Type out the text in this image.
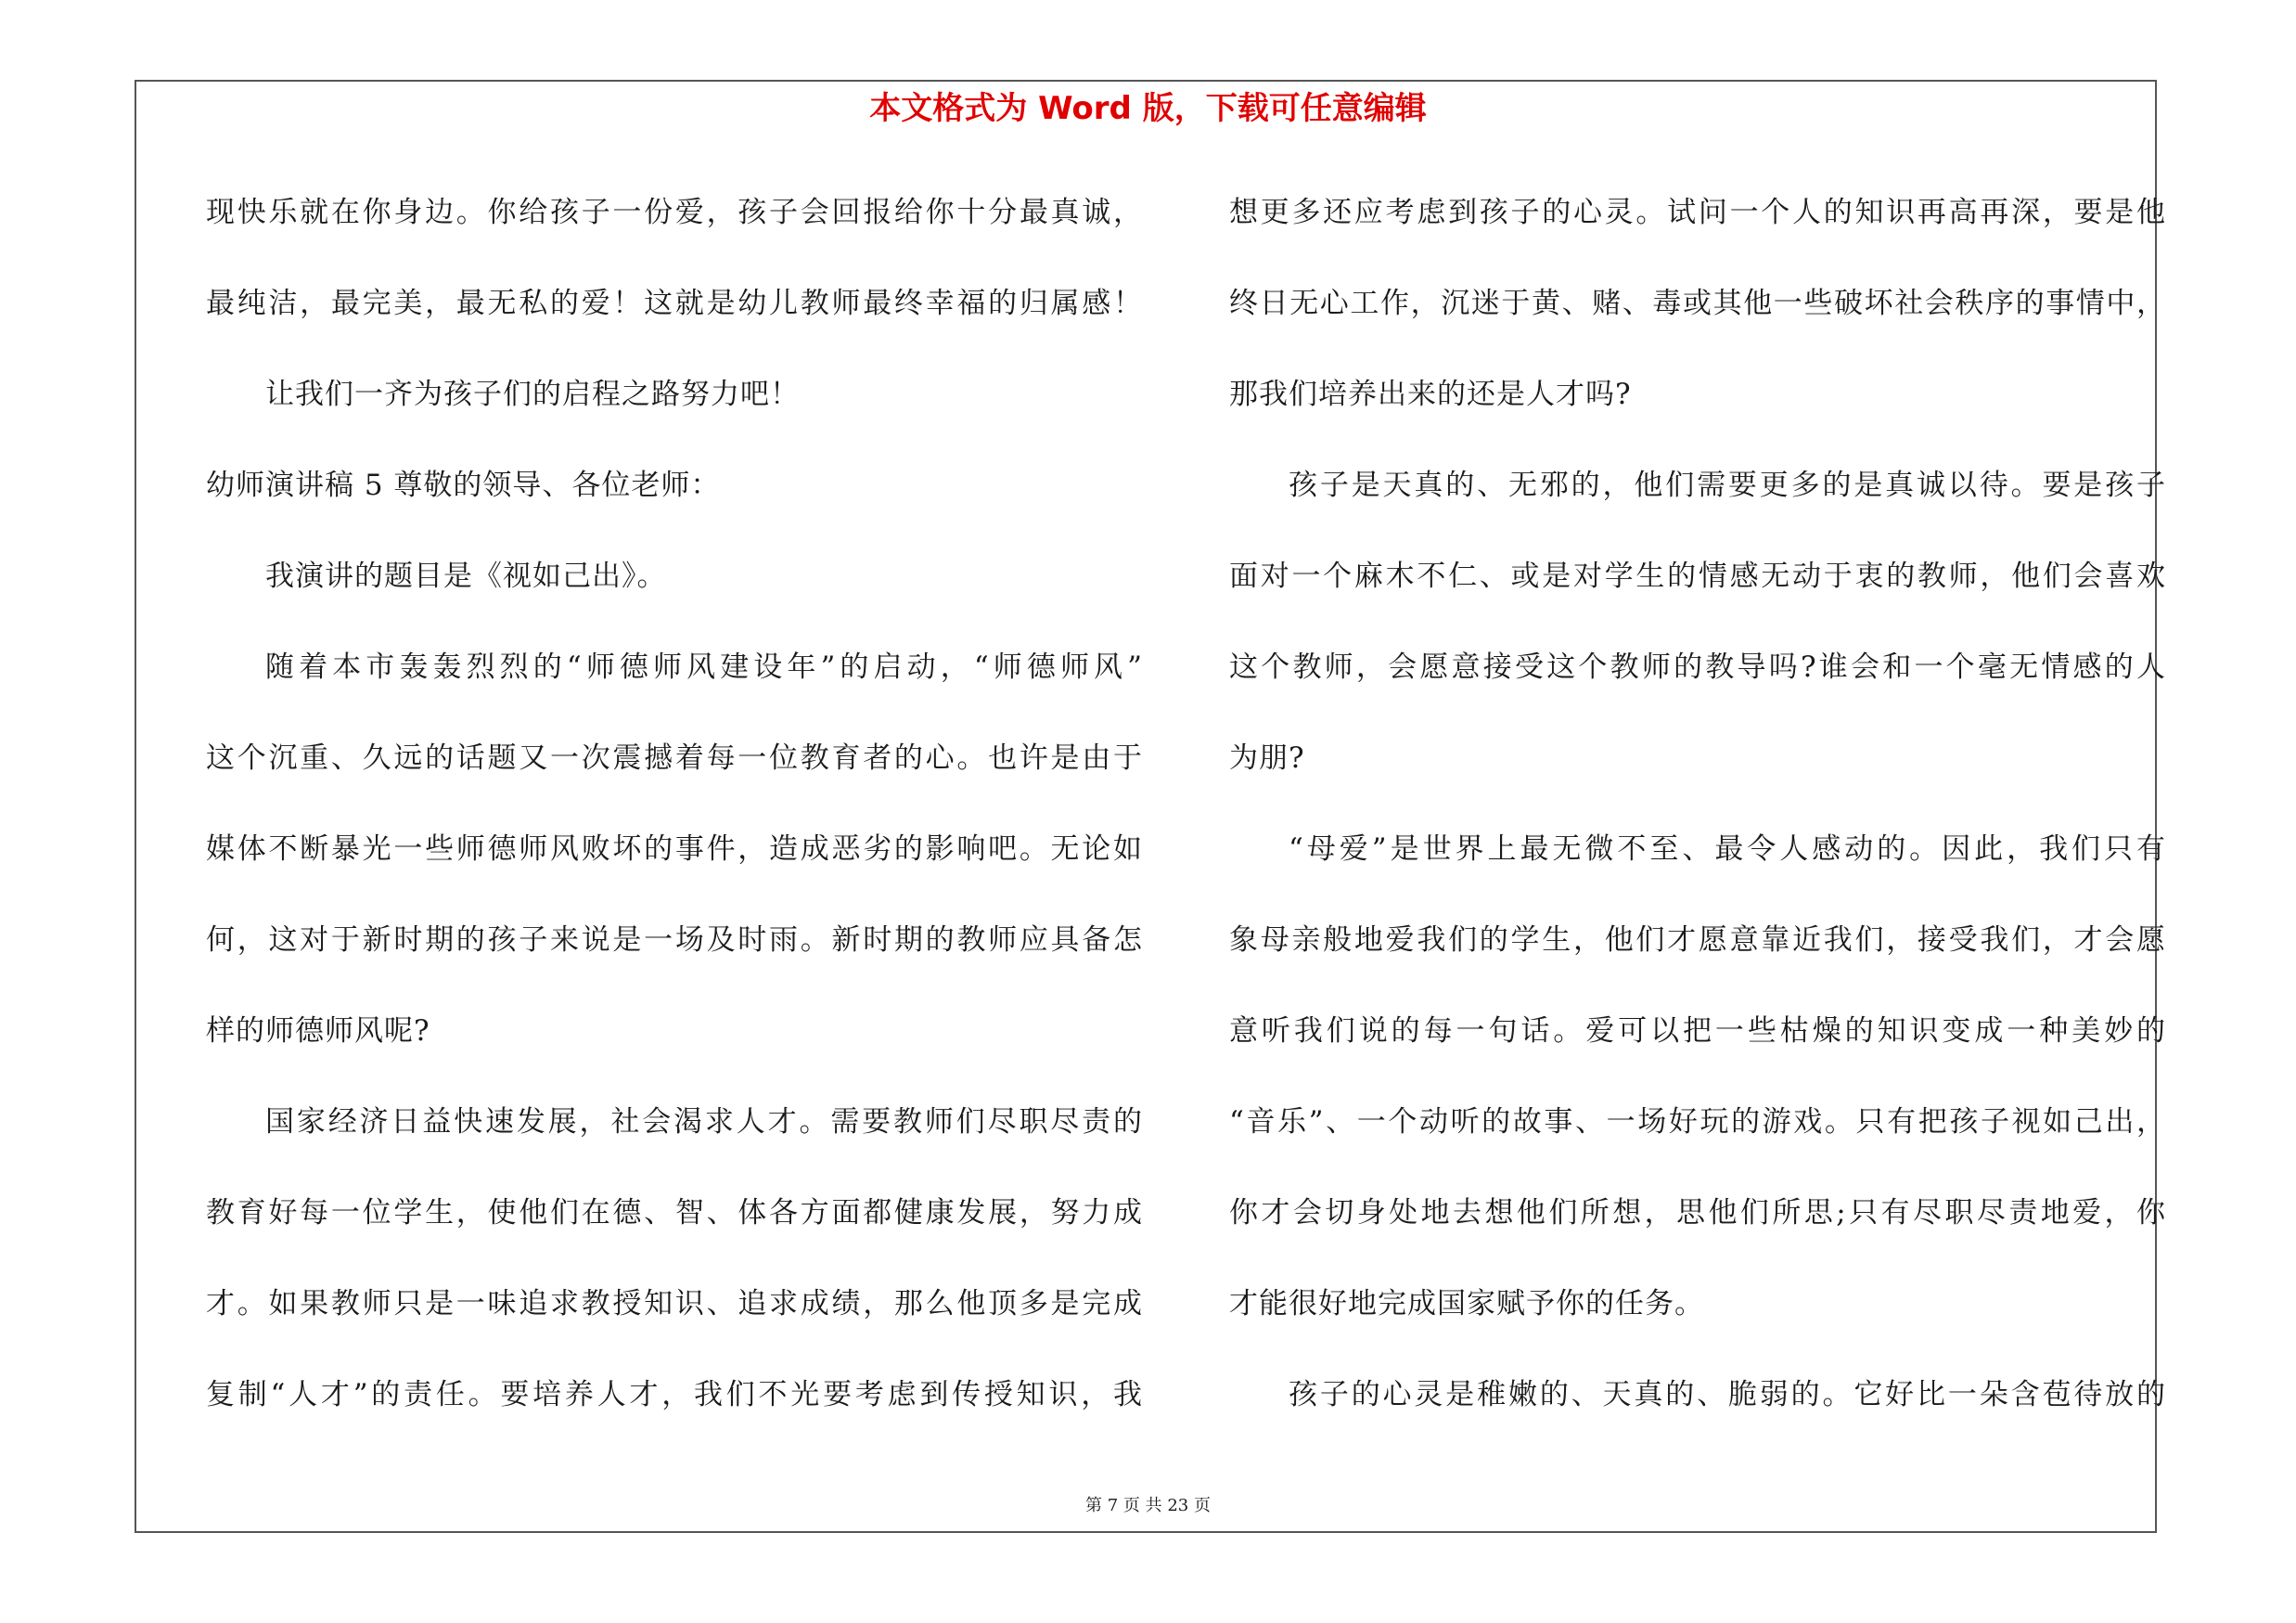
本文格式为 Word 版，下载可任意编辑
现快乐就在你身边。你给孩子一份爱，孩子会回报给你十分最真诚，
最纯洁，最完美，最无私的爱！这就是幼儿教师最终幸福的归属感！
让我们一齐为孩子们的启程之路努力吧！
幼师演讲稿 5 尊敬的领导、各位老师：
我演讲的题目是《视如己出》。
随着本市轰轰烈烈的“师德师风建设年”的启动，“师德师风”
这个沉重、久远的话题又一次震撼着每一位教育者的心。也许是由于
媒体不断暴光一些师德师风败坏的事件，造成恶劣的影响吧。无论如
何，这对于新时期的孩子来说是一场及时雨。新时期的教师应具备怎
样的师德师风呢?
国家经济日益快速发展，社会渴求人才。需要教师们尽职尽责的
教育好每一位学生，使他们在德、智、体各方面都健康发展，努力成
才。如果教师只是一味追求教授知识、追求成绩，那么他顶多是完成
复制“人才”的责任。要培养人才，我们不光要考虑到传授知识，我
想更多还应考虑到孩子的心灵。试问一个人的知识再高再深，要是他
终日无心工作，沉迷于黄、赌、毒或其他一些破坏社会秩序的事情中，
那我们培养出来的还是人才吗?
孩子是天真的、无邪的，他们需要更多的是真诚以待。要是孩子
面对一个麻木不仁、或是对学生的情感无动于衷的教师，他们会喜欢
这个教师，会愿意接受这个教师的教导吗?谁会和一个毫无情感的人
为朋?
“母爱”是世界上最无微不至、最令人感动的。因此，我们只有
象母亲般地爱我们的学生，他们才愿意靠近我们，接受我们，才会愿
意听我们说的每一句话。爱可以把一些枯燥的知识变成一种美妙的
“音乐”、一个动听的故事、一场好玩的游戏。只有把孩子视如己出，
你才会切身处地去想他们所想，思他们所思;只有尽职尽责地爱，你
才能很好地完成国家赋予你的任务。
孩子的心灵是稚嫩的、天真的、脆弱的。它好比一朵含苞待放的
第 7 页 共 23 页
